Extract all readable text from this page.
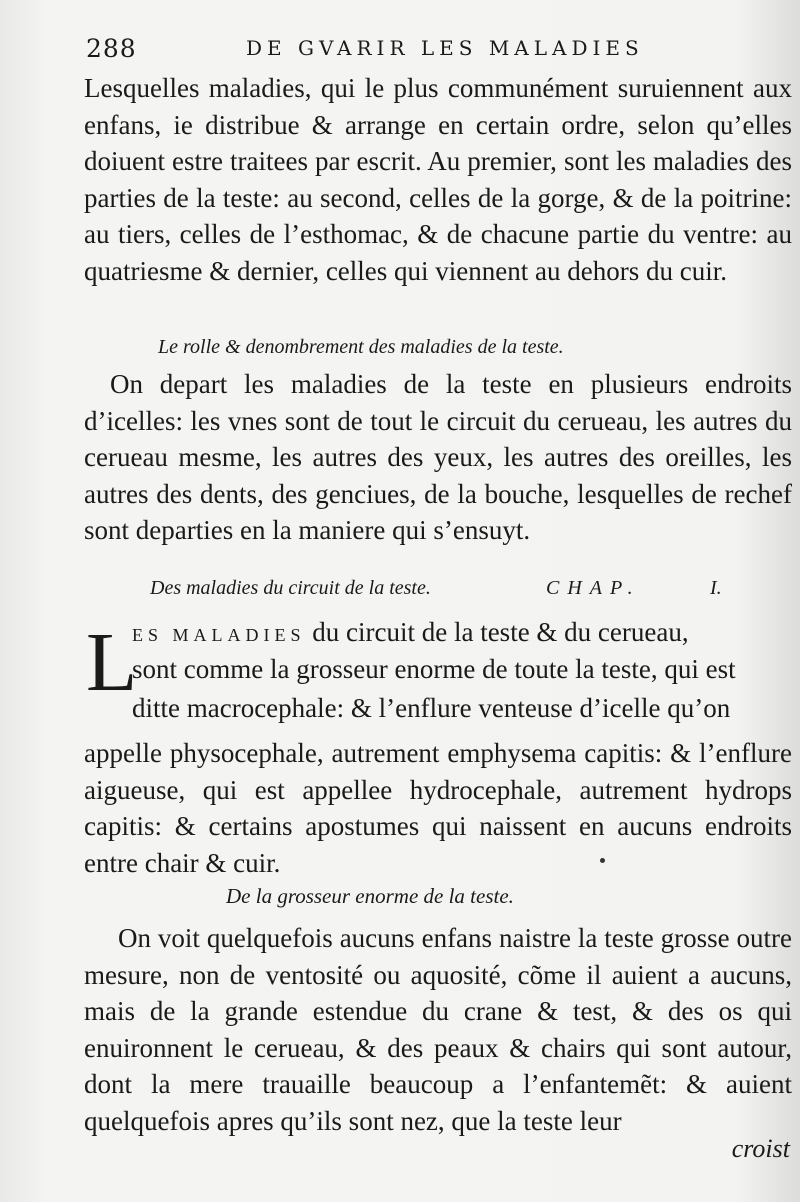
288	DE GVARIR LES MALADIES

Lesquelles maladies, qui le plus communément suruiennent aux enfans, ie distribue & arrange en certain ordre, selon qu’elles doiuent estre traitees par escrit. Au premier, sont les maladies des parties de la teste: au second, celles de la gorge, & de la poitrine: au tiers, celles de l’esthomac, & de chacune partie du ventre: au quatriesme & dernier, celles qui viennent au dehors du cuir.

Le rolle & denombrement des maladies de la teste.

On depart les maladies de la teste en plusieurs endroits d’icelles: les vnes sont de tout le circuit du cerueau, les autres du cerueau mesme, les autres des yeux, les autres des oreilles, les autres des dents, des genciues, de la bouche, lesquelles de rechef sont departies en la maniere qui s’ensuyt.

Des maladies du circuit de la teste.	CHAP.	I.
L

ES MALADIES du circuit de la teste & du cerueau,

sont comme la grosseur enorme de toute la teste, qui est

ditte macrocephale: & l’enflure venteuse d’icelle qu’on

appelle physocephale, autrement emphysema capitis: & l’enflure aigueuse, qui est appellee hydrocephale, autrement hydrops capitis: & certains apostumes qui naissent en aucuns endroits entre chair & cuir.

De la grosseur enorme de la teste.

On voit quelquefois aucuns enfans naistre la teste grosse outre mesure, non de ventosité ou aquosité, cõme il auient a aucuns, mais de la grande estendue du crane & test, & des os qui enuironnent le cerueau, & des peaux & chairs qui sont autour, dont la mere trauaille beaucoup a l’enfantemẽt: & auient quelquefois apres qu’ils sont nez, que la teste leur

croist
